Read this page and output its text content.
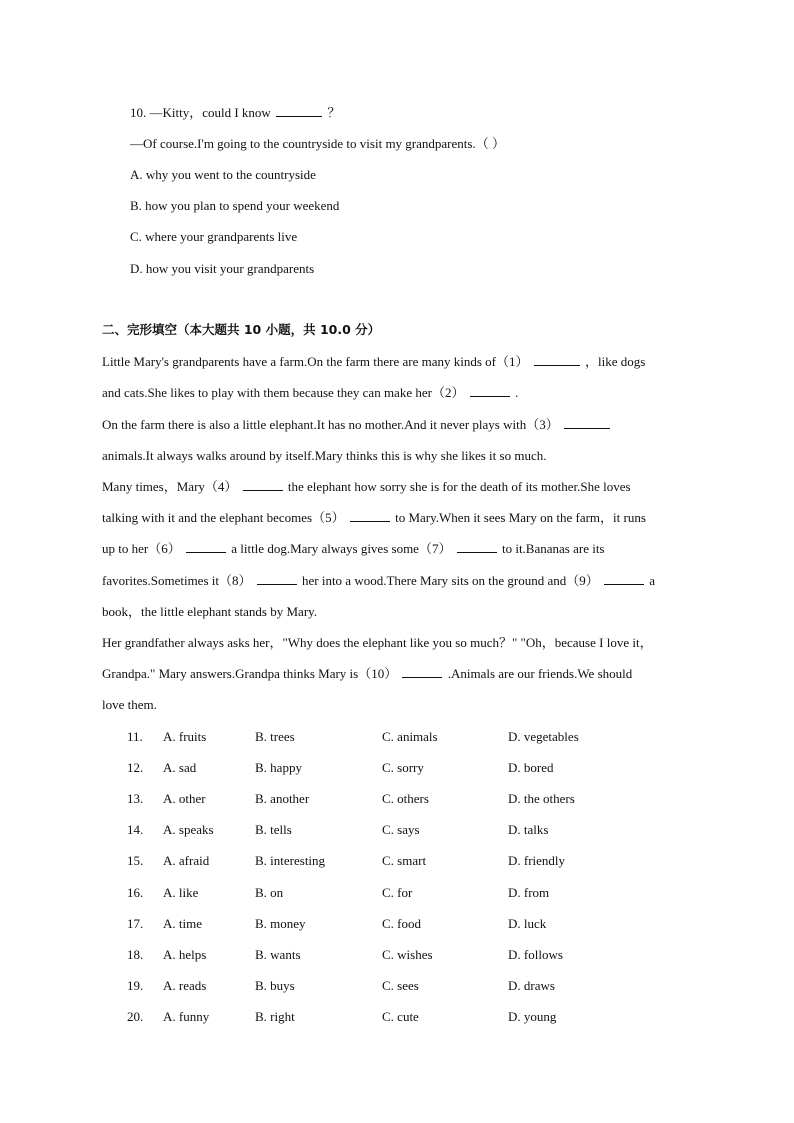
10. —Kitty，could I know	？
—Of course.I'm going to the countryside to visit my grandparents.（ ）
A. why you went to the countryside
B. how you plan to spend your weekend
C. where your grandparents live
D. how you visit your grandparents
二、完形填空（本大题共 10 小题，共 10.0 分）
Little Mary's grandparents have a farm.On the farm there are many kinds of（1）	，like dogs
and cats.She likes to play with them because they can make her（2）	.
On the farm there is also a little elephant.It has no mother.And it never plays with（3）
animals.It always walks around by itself.Mary thinks this is why she likes it so much.
Many times，Mary（4）	the elephant how sorry she is for the death of its mother.She loves
talking with it and the elephant becomes（5）	to Mary.When it sees Mary on the farm，it runs
up to her（6）	a little dog.Mary always gives some（7）	to it.Bananas are its
favorites.Sometimes it（8）	her into a wood.There Mary sits on the ground and（9）	a
book，the little elephant stands by Mary.
Her grandfather always asks her，"Why does the elephant like you so much？" "Oh，because I love it，
Grandpa." Mary answers.Grandpa thinks Mary is（10）	.Animals are our friends.We should
love them.
11.	A. fruits	B. trees	C. animals	D. vegetables
12.	A. sad	B. happy	C. sorry	D. bored
13.	A. other	B. another	C. others	D. the others
14.	A. speaks	B. tells	C. says	D. talks
15.	A. afraid	B. interesting	C. smart	D. friendly
16.	A. like	B. on	C. for	D. from
17.	A. time	B. money	C. food	D. luck
18.	A. helps	B. wants	C. wishes	D. follows
19.	A. reads	B. buys	C. sees	D. draws
20.	A. funny	B. right	C. cute	D. young
